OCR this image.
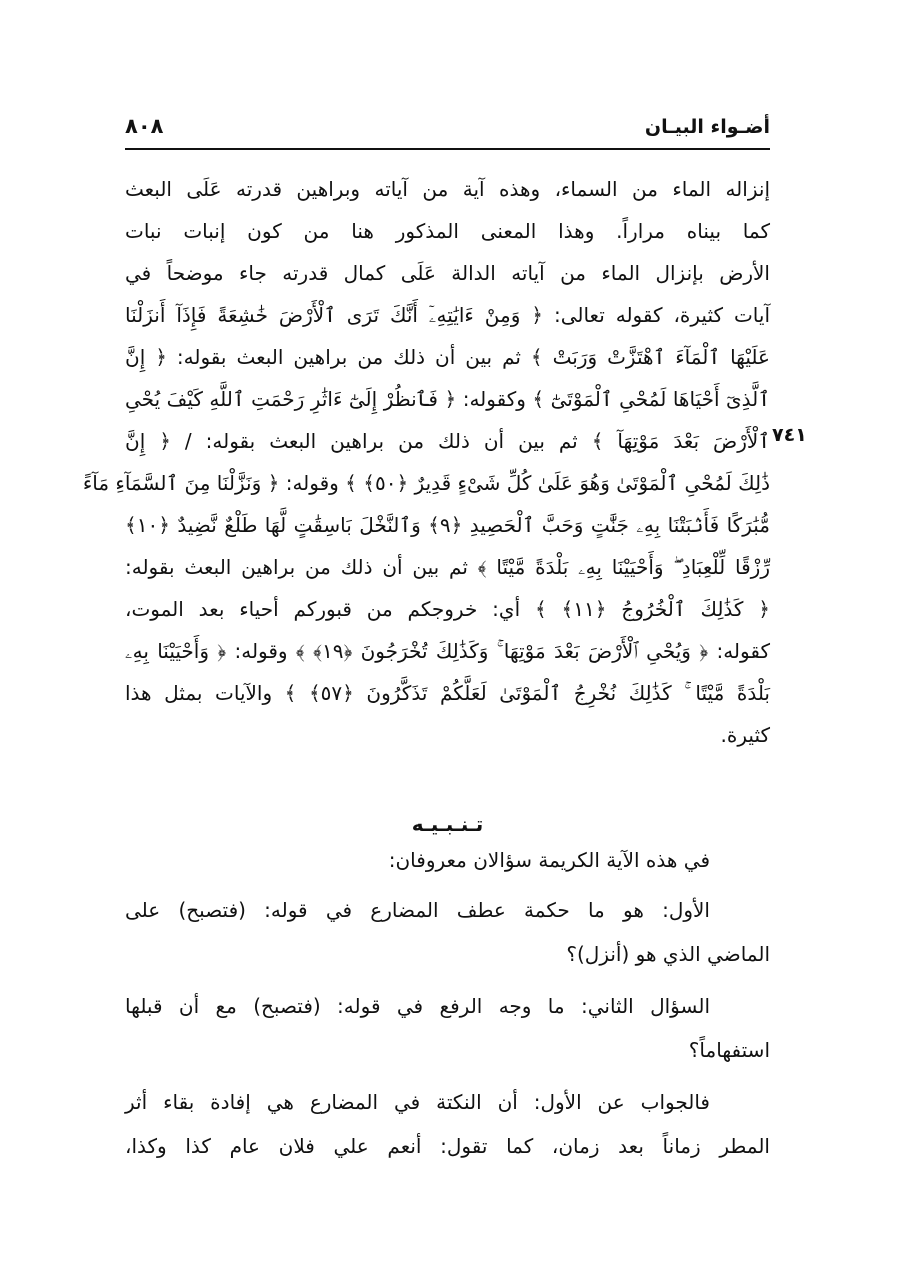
أضـواء البيـان
٨٠٨
٧٤١
إنزاله الماء من السماء، وهذه آية من آياته وبراهين قدرته عَلَى البعث
كما بيناه مراراً. وهذا المعنى المذكور هنا من كون إنبات نبات
الأرض بإنزال الماء من آياته الدالة عَلَى كمال قدرته جاء موضحاً في
آيات كثيرة، كقوله تعالى: ﴿ وَمِنْ ءَايَٰتِهِۦٓ أَنَّكَ تَرَى ٱلْأَرْضَ خَٰشِعَةً فَإِذَآ أَنزَلْنَا
عَلَيْهَا ٱلْمَآءَ ٱهْتَزَّتْ وَرَبَتْ ﴾ ثم بين أن ذلك من براهين البعث بقوله: ﴿ إِنَّ
ٱلَّذِىٓ أَحْيَاهَا لَمُحْىِ ٱلْمَوْتَىٰٓ ﴾ وكقوله: ﴿ فَٱنظُرْ إِلَىٰٓ ءَاثَٰرِ رَحْمَتِ ٱللَّهِ كَيْفَ يُحْىِ
ٱلْأَرْضَ بَعْدَ مَوْتِهَآ ﴾ ثم بين أن ذلك من براهين البعث بقوله: / ﴿ إِنَّ
ذَٰلِكَ لَمُحْىِ ٱلْمَوْتَىٰ وَهُوَ عَلَىٰ كُلِّ شَىْءٍ قَدِيرٌ ﴿٥٠﴾ ﴾ وقوله: ﴿ وَنَزَّلْنَا مِنَ ٱلسَّمَآءِ مَآءً
مُّبَٰرَكًا فَأَنۢبَتْنَا بِهِۦ جَنَّٰتٍ وَحَبَّ ٱلْحَصِيدِ ﴿٩﴾ وَٱلنَّخْلَ بَاسِقَٰتٍ لَّهَا طَلْعٌ نَّضِيدٌ ﴿١٠﴾
رِّزْقًا لِّلْعِبَادِ ۖ وَأَحْيَيْنَا بِهِۦ بَلْدَةً مَّيْتًا ﴾ ثم بين أن ذلك من براهين البعث بقوله:
﴿ كَذَٰلِكَ ٱلْخُرُوجُ ﴿١١﴾ ﴾ أي: خروجكم من قبوركم أحياء بعد الموت،
كقوله: ﴿ وَيُحْىِ ٱلْأَرْضَ بَعْدَ مَوْتِهَا ۚ وَكَذَٰلِكَ تُخْرَجُونَ ﴿١٩﴾ ﴾ وقوله: ﴿ وَأَحْيَيْنَا بِهِۦ
بَلْدَةً مَّيْتًا ۚ كَذَٰلِكَ نُخْرِجُ ٱلْمَوْتَىٰ لَعَلَّكُمْ تَذَكَّرُونَ ﴿٥٧﴾ ﴾ والآيات بمثل هذا
كثيرة.
تـنـبـيـه
في هذه الآية الكريمة سؤالان معروفان:
الأول: هو ما حكمة عطف المضارع في قوله: (فتصبح) على
الماضي الذي هو (أنزل)؟
السؤال الثاني: ما وجه الرفع في قوله: (فتصبح) مع أن قبلها
استفهاماً؟
فالجواب عن الأول: أن النكتة في المضارع هي إفادة بقاء أثر
المطر زماناً بعد زمان، كما تقول: أنعم علي فلان عام كذا وكذا،
